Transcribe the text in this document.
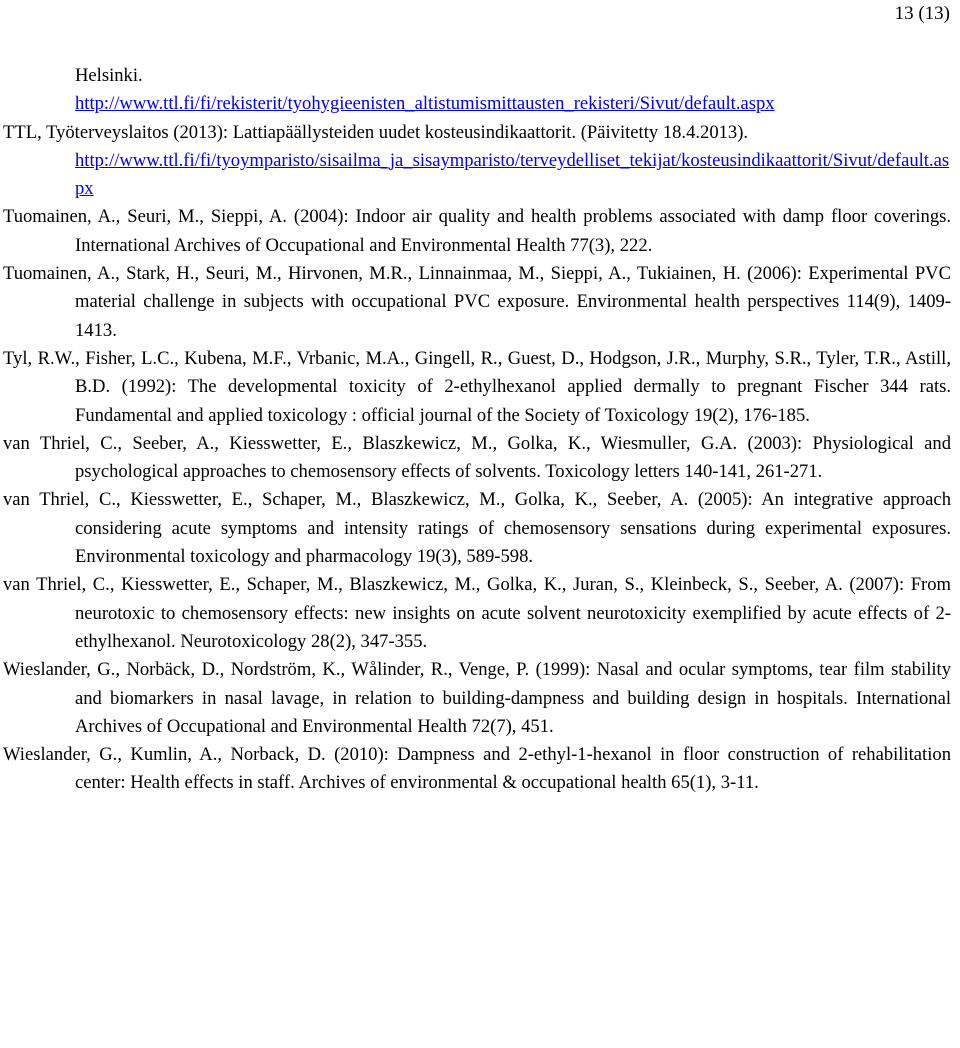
13 (13)

Helsinki.
http://www.ttl.fi/fi/rekisterit/tyohygieenisten_altistumismittausten_rekisteri/Sivut/default.aspx

TTL, Työterveyslaitos (2013): Lattiapäällysteiden uudet kosteusindikaattorit. (Päivitetty 18.4.2013).
http://www.ttl.fi/fi/tyoymparisto/sisailma_ja_sisaymparisto/terveydelliset_tekijat/kosteusindikaattorit/Sivut/default.aspx

Tuomainen, A., Seuri, M., Sieppi, A. (2004): Indoor air quality and health problems associated with damp floor coverings. International Archives of Occupational and Environmental Health 77(3), 222.

Tuomainen, A., Stark, H., Seuri, M., Hirvonen, M.R., Linnainmaa, M., Sieppi, A., Tukiainen, H. (2006): Experimental PVC material challenge in subjects with occupational PVC exposure. Environmental health perspectives 114(9), 1409-1413.

Tyl, R.W., Fisher, L.C., Kubena, M.F., Vrbanic, M.A., Gingell, R., Guest, D., Hodgson, J.R., Murphy, S.R., Tyler, T.R., Astill, B.D. (1992): The developmental toxicity of 2-ethylhexanol applied dermally to pregnant Fischer 344 rats. Fundamental and applied toxicology : official journal of the Society of Toxicology 19(2), 176-185.

van Thriel, C., Seeber, A., Kiesswetter, E., Blaszkewicz, M., Golka, K., Wiesmuller, G.A. (2003): Physiological and psychological approaches to chemosensory effects of solvents. Toxicology letters 140-141, 261-271.

van Thriel, C., Kiesswetter, E., Schaper, M., Blaszkewicz, M., Golka, K., Seeber, A. (2005): An integrative approach considering acute symptoms and intensity ratings of chemosensory sensations during experimental exposures. Environmental toxicology and pharmacology 19(3), 589-598.

van Thriel, C., Kiesswetter, E., Schaper, M., Blaszkewicz, M., Golka, K., Juran, S., Kleinbeck, S., Seeber, A. (2007): From neurotoxic to chemosensory effects: new insights on acute solvent neurotoxicity exemplified by acute effects of 2-ethylhexanol. Neurotoxicology 28(2), 347-355.

Wieslander, G., Norbäck, D., Nordström, K., Wålinder, R., Venge, P. (1999): Nasal and ocular symptoms, tear film stability and biomarkers in nasal lavage, in relation to building-dampness and building design in hospitals. International Archives of Occupational and Environmental Health 72(7), 451.

Wieslander, G., Kumlin, A., Norback, D. (2010): Dampness and 2-ethyl-1-hexanol in floor construction of rehabilitation center: Health effects in staff. Archives of environmental & occupational health 65(1), 3-11.
